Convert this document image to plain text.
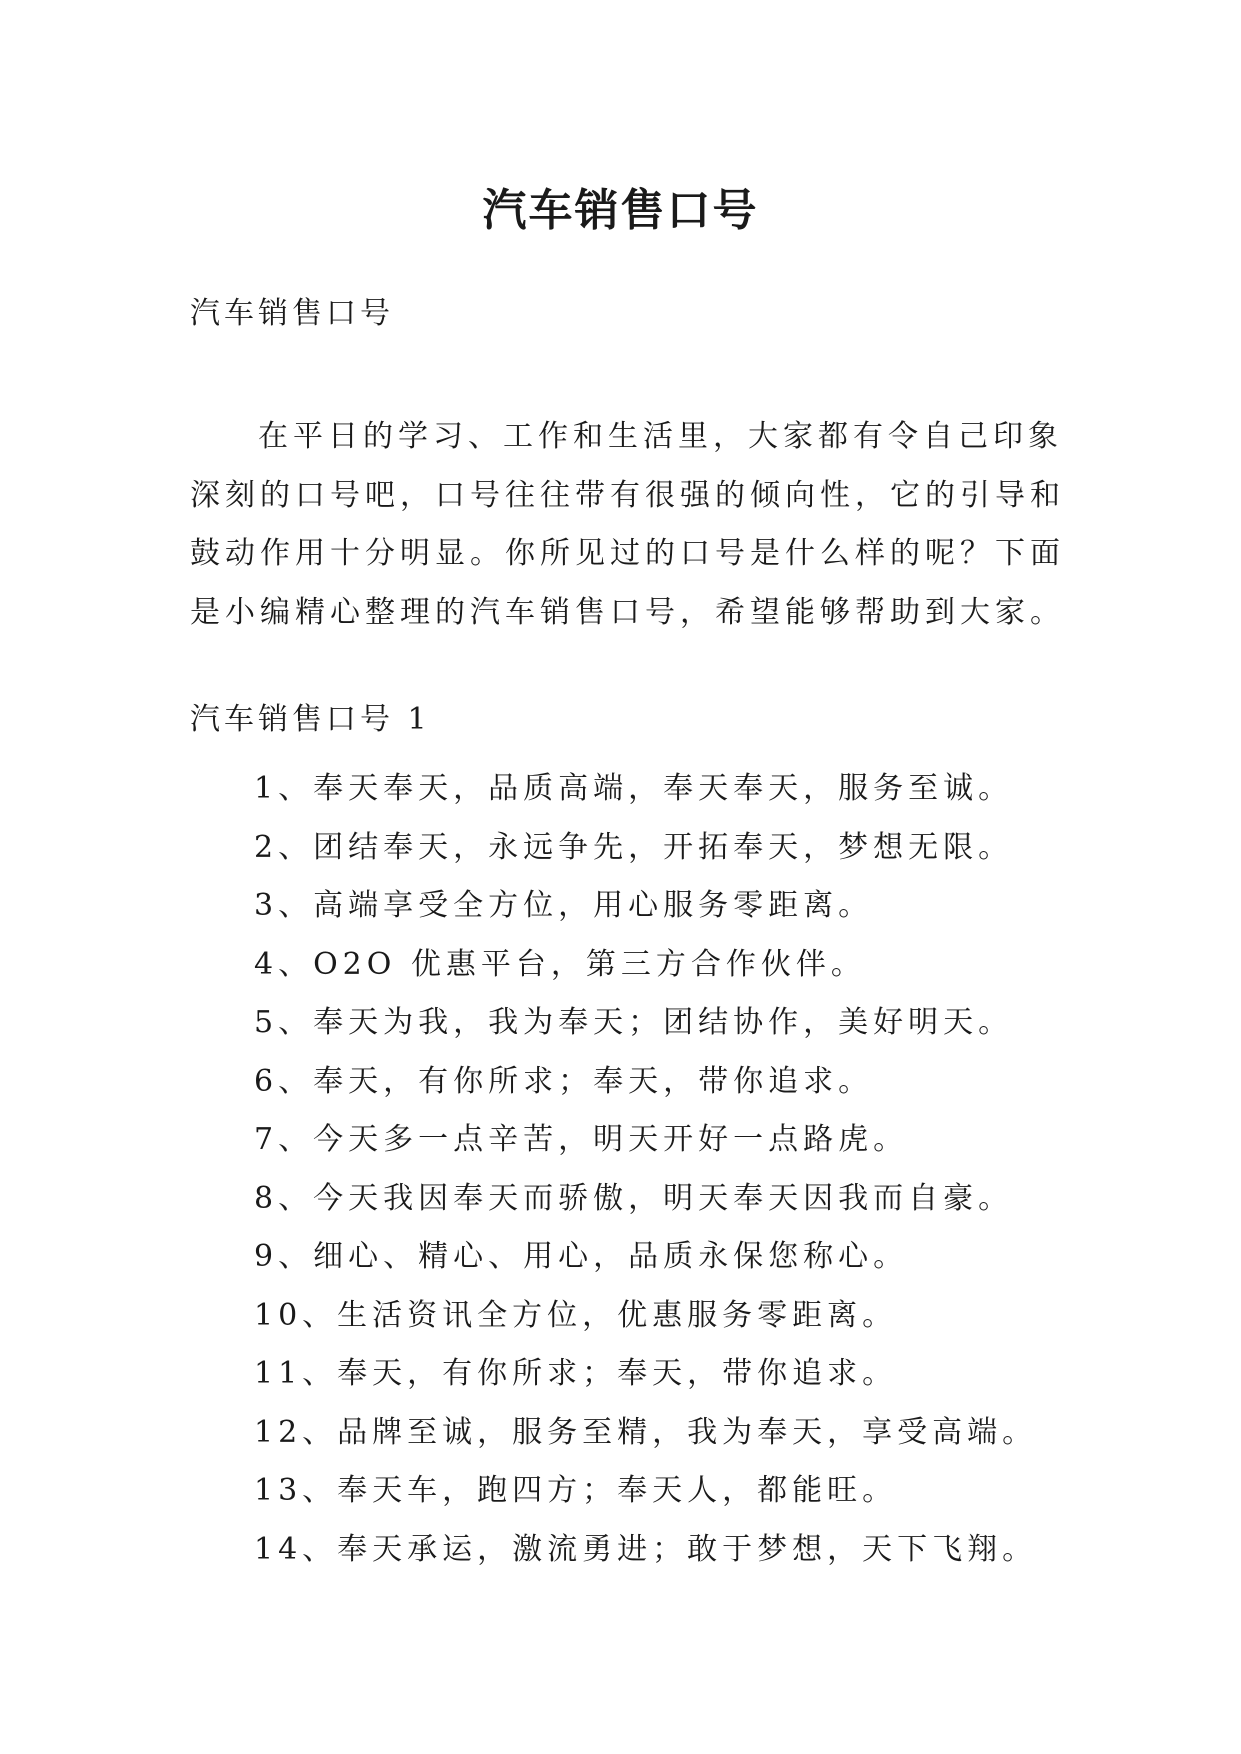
汽车销售口号
汽车销售口号

在平日的学习、工作和生活里，大家都有令自己印象深刻的口号吧，口号往往带有很强的倾向性，它的引导和鼓动作用十分明显。你所见过的口号是什么样的呢？下面是小编精心整理的汽车销售口号，希望能够帮助到大家。

汽车销售口号 1
1、奉天奉天，品质高端，奉天奉天，服务至诚。
2、团结奉天，永远争先，开拓奉天，梦想无限。
3、高端享受全方位，用心服务零距离。
4、O2O 优惠平台，第三方合作伙伴。
5、奉天为我，我为奉天；团结协作，美好明天。
6、奉天，有你所求；奉天，带你追求。
7、今天多一点辛苦，明天开好一点路虎。
8、今天我因奉天而骄傲，明天奉天因我而自豪。
9、细心、精心、用心，品质永保您称心。
10、生活资讯全方位，优惠服务零距离。
11、奉天，有你所求；奉天，带你追求。
12、品牌至诚，服务至精，我为奉天，享受高端。
13、奉天车，跑四方；奉天人，都能旺。
14、奉天承运，激流勇进；敢于梦想，天下飞翔。
